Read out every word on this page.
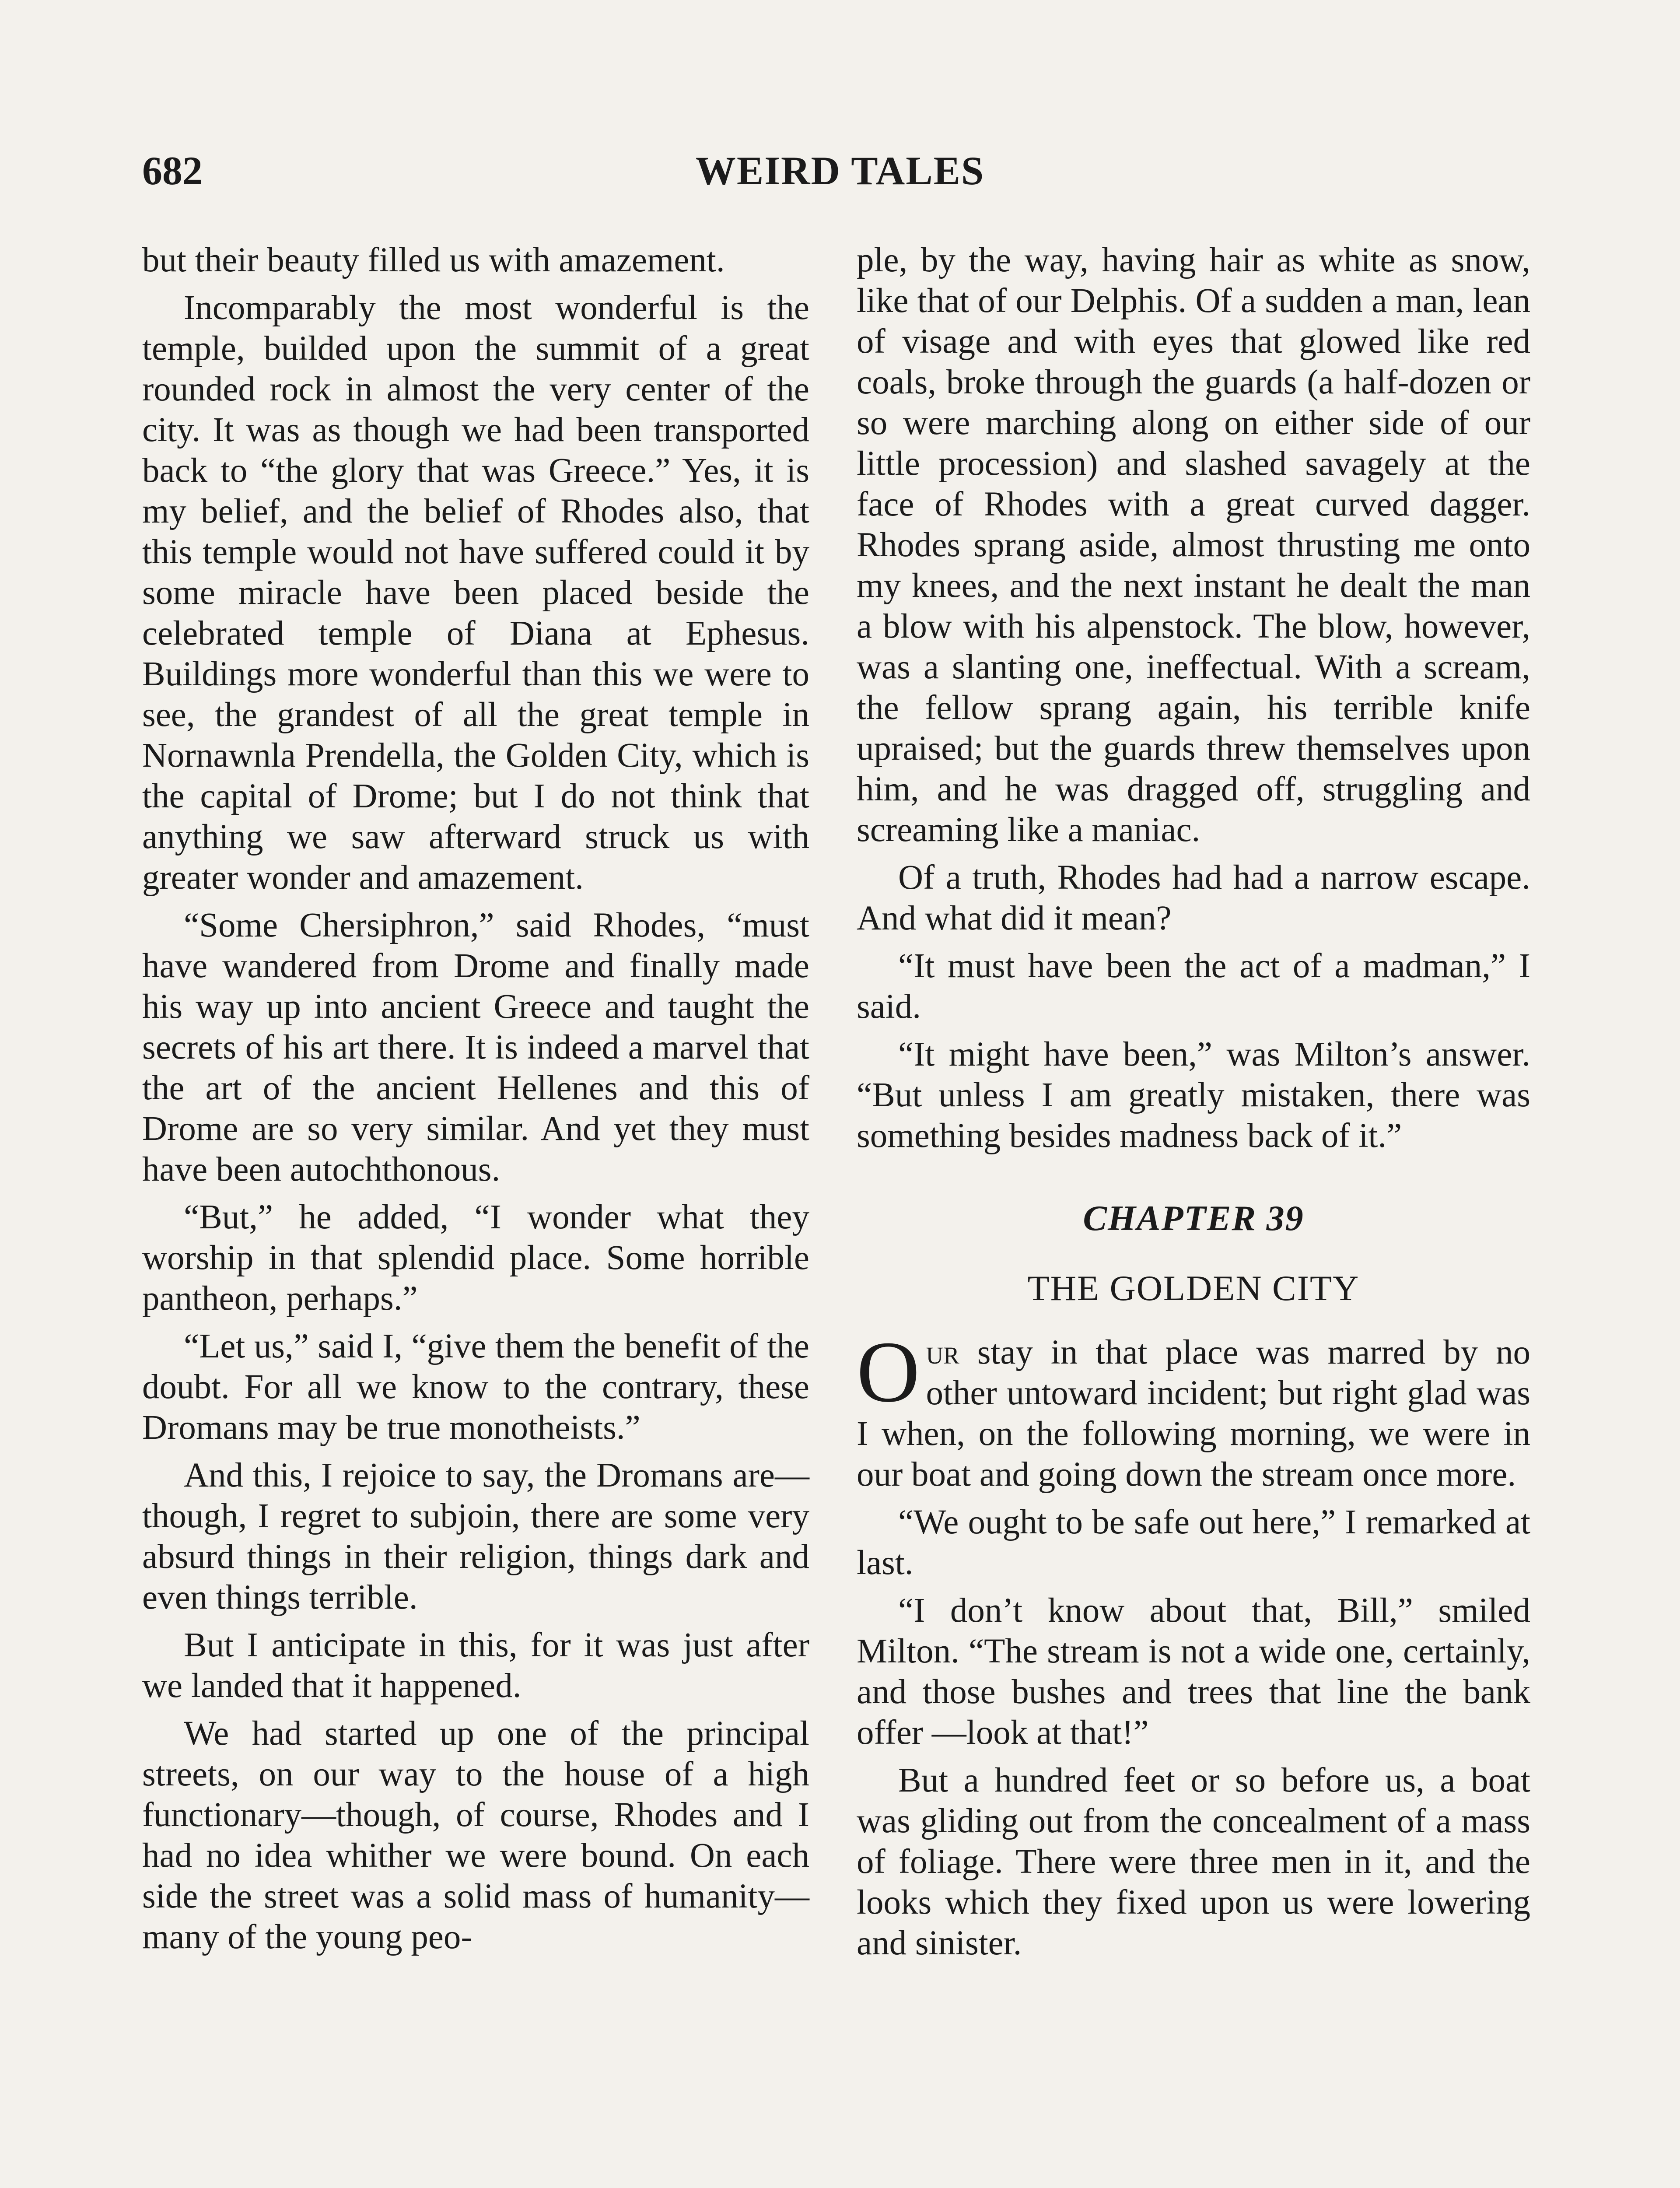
682	WEIRD TALES

but their beauty filled us with amazement.

Incomparably the most wonderful is the temple, builded upon the summit of a great rounded rock in almost the very center of the city. It was as though we had been transported back to “the glory that was Greece.” Yes, it is my belief, and the belief of Rhodes also, that this temple would not have suffered could it by some miracle have been placed beside the celebrated temple of Diana at Ephesus. Buildings more wonderful than this we were to see, the grandest of all the great temple in Nornawnla Prendella, the Golden City, which is the capital of Drome; but I do not think that anything we saw afterward struck us with greater wonder and amazement.

“Some Chersiphron,” said Rhodes, “must have wandered from Drome and finally made his way up into ancient Greece and taught the secrets of his art there. It is indeed a marvel that the art of the ancient Hellenes and this of Drome are so very similar. And yet they must have been autochthonous.

“But,” he added, “I wonder what they worship in that splendid place. Some horrible pantheon, perhaps.”

“Let us,” said I, “give them the benefit of the doubt. For all we know to the contrary, these Dromans may be true monotheists.”

And this, I rejoice to say, the Dromans are—though, I regret to subjoin, there are some very absurd things in their religion, things dark and even things terrible.

But I anticipate in this, for it was just after we landed that it happened.

We had started up one of the principal streets, on our way to the house of a high functionary—though, of course, Rhodes and I had no idea whither we were bound. On each side the street was a solid mass of humanity—many of the young peo-

ple, by the way, having hair as white as snow, like that of our Delphis. Of a sudden a man, lean of visage and with eyes that glowed like red coals, broke through the guards (a half-dozen or so were marching along on either side of our little procession) and slashed savagely at the face of Rhodes with a great curved dagger. Rhodes sprang aside, almost thrusting me onto my knees, and the next instant he dealt the man a blow with his alpenstock. The blow, however, was a slanting one, ineffectual. With a scream, the fellow sprang again, his terrible knife upraised; but the guards threw themselves upon him, and he was dragged off, struggling and screaming like a maniac.

Of a truth, Rhodes had had a narrow escape. And what did it mean?

“It must have been the act of a madman,” I said.

“It might have been,” was Milton’s answer. “But unless I am greatly mistaken, there was something besides madness back of it.”

CHAPTER 39
THE GOLDEN CITY

Our stay in that place was marred by no other untoward incident; but right glad was I when, on the following morning, we were in our boat and going down the stream once more.

“We ought to be safe out here,” I remarked at last.

“I don’t know about that, Bill,” smiled Milton. “The stream is not a wide one, certainly, and those bushes and trees that line the bank offer —look at that!”

But a hundred feet or so before us, a boat was gliding out from the concealment of a mass of foliage. There were three men in it, and the looks which they fixed upon us were lowering and sinister.
